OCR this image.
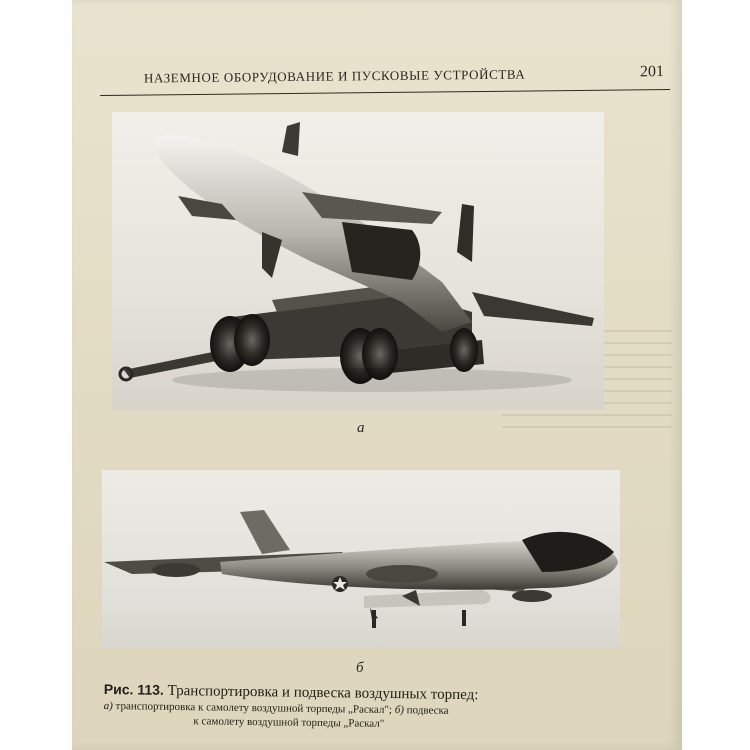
НАЗЕМНОЕ ОБОРУДОВАНИЕ И ПУСКОВЫЕ УСТРОЙСТВА	201
a
б
Рис. 113. Транспортировка и подвеска воздушных торпед:
а) транспортировка к самолету воздушной торпеды „Раскал"; б) подвеска
к самолету воздушной торпеды „Раскал"
